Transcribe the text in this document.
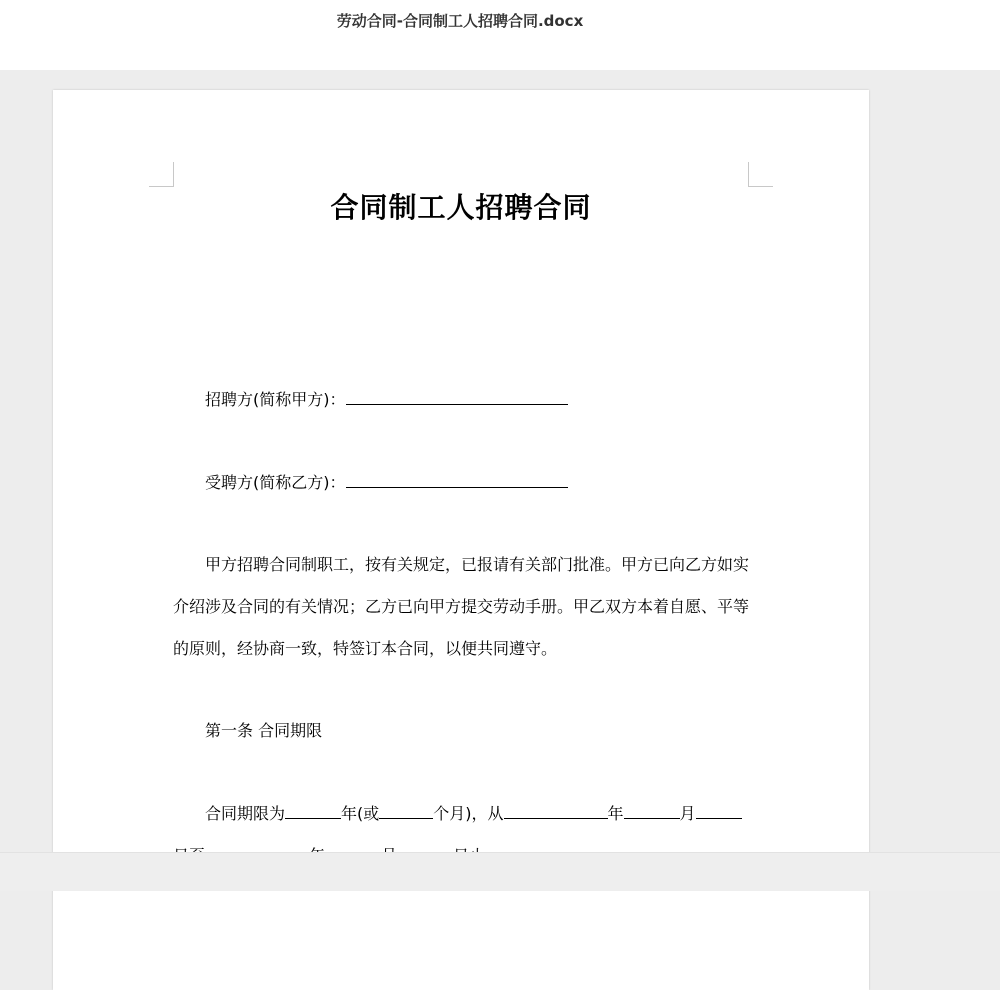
劳动合同-合同制工人招聘合同.docx
合同制工人招聘合同
招聘方(简称甲方)：
受聘方(简称乙方)：
甲方招聘合同制职工，按有关规定，已报请有关部门批准。甲方已向乙方如实
介绍涉及合同的有关情况；乙方已向甲方提交劳动手册。甲乙双方本着自愿、平等
的原则，经协商一致，特签订本合同，以便共同遵守。
第一条 合同期限
合同期限为	年(或	个月)，从	年	月
